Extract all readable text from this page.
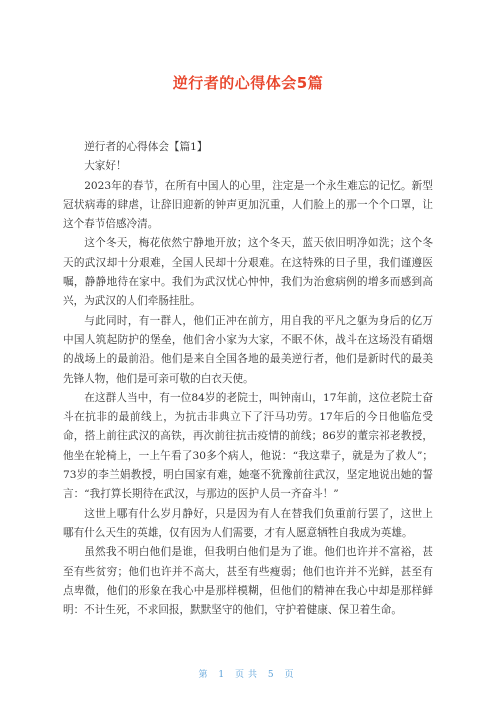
逆行者的心得体会5篇

逆行者的心得体会【篇1】

大家好！

2023年的春节，在所有中国人的心里，注定是一个永生难忘的记忆。新型冠状病毒的肆虐，让辞旧迎新的钟声更加沉重，人们脸上的那一个个口罩，让这个春节倍感冷清。

这个冬天，梅花依然宁静地开放；这个冬天，蓝天依旧明净如洗；这个冬天的武汉却十分艰难，全国人民却十分艰难。在这特殊的日子里，我们谨遵医嘱，静静地待在家中。我们为武汉忧心忡忡，我们为治愈病例的增多而感到高兴，为武汉的人们牵肠挂肚。

与此同时，有一群人，他们正冲在前方，用自我的平凡之躯为身后的亿万中国人筑起防护的堡垒，他们舍小家为大家，不眠不休，战斗在这场没有硝烟的战场上的最前沿。他们是来自全国各地的最美逆行者，他们是新时代的最美先锋人物，他们是可亲可敬的白衣天使。

在这群人当中，有一位84岁的老院士，叫钟南山，17年前，这位老院士奋斗在抗非的最前线上，为抗击非典立下了汗马功劳。17年后的今日他临危受命，搭上前往武汉的高铁，再次前往抗击疫情的前线；86岁的董宗祁老教授，他坐在轮椅上，一上午看了30多个病人，他说：“我这辈子，就是为了救人”；73岁的李兰娟教授，明白国家有难，她毫不犹豫前往武汉，坚定地说出她的誓言：“我打算长期待在武汉，与那边的医护人员一齐奋斗！”

这世上哪有什么岁月静好，只是因为有人在替我们负重前行罢了，这世上哪有什么天生的英雄，仅有因为人们需要，才有人愿意牺牲自我成为英雄。

虽然我不明白他们是谁，但我明白他们是为了谁。他们也许并不富裕，甚至有些贫穷；他们也许并不高大，甚至有些瘦弱；他们也许并不光鲜，甚至有点卑微，他们的形象在我心中是那样模糊，但他们的精神在我心中却是那样鲜明：不计生死，不求回报，默默坚守的他们，守护着健康、保卫着生命。

第 1 页共 5 页
